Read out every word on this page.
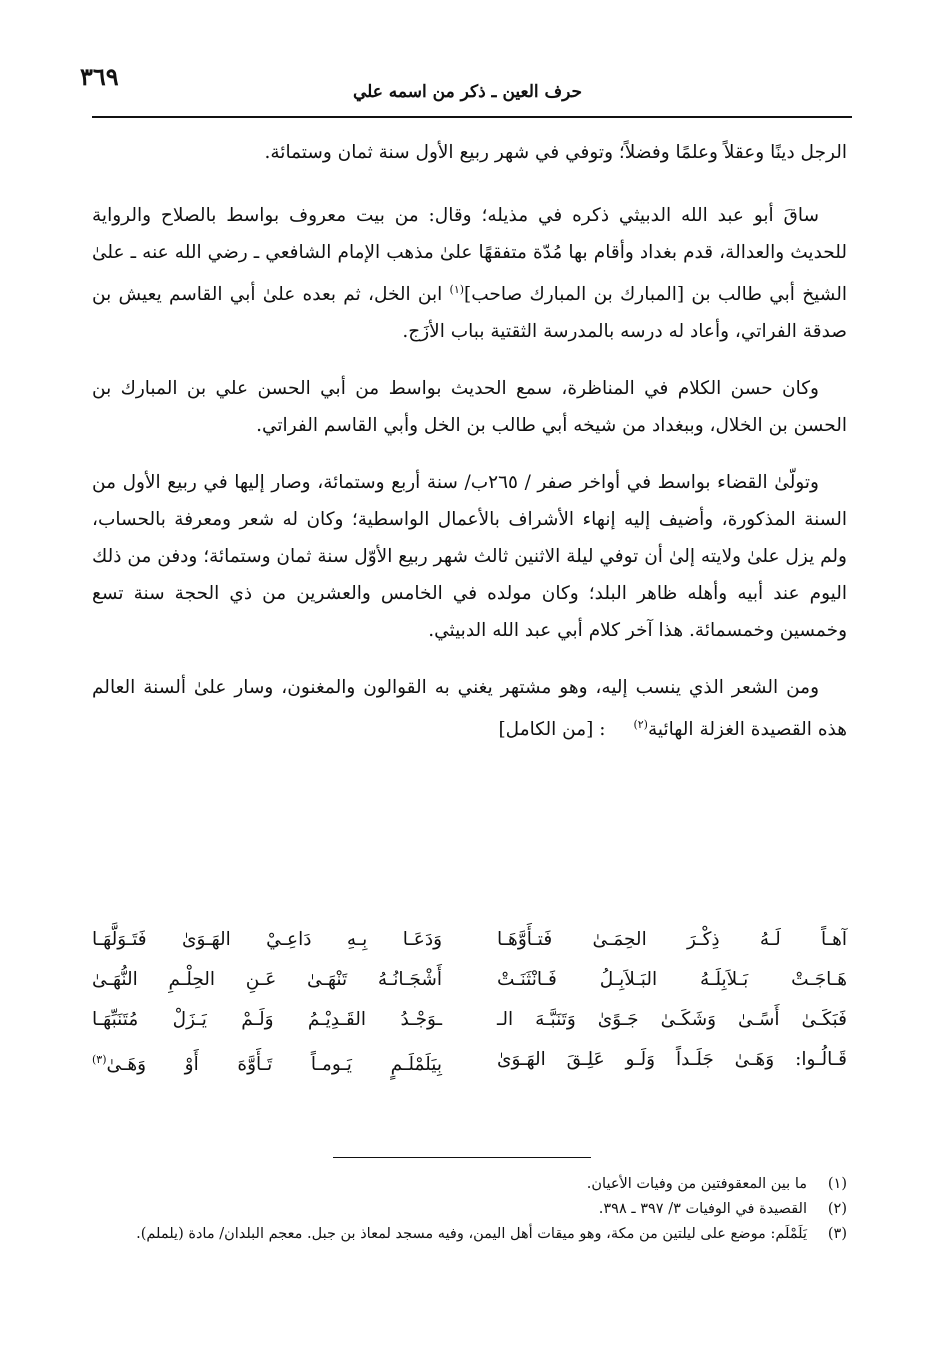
٣٦٩
حرف العين ـ ذكر من اسمه علي

الرجل دينًا وعقلاً وعلمًا وفضلاً؛ وتوفي في شهر ربيع الأول سنة ثمان وستمائة.

ساقَ أبو عبد الله الدبيثي ذكره في مذيله؛ وقال: من بيت معروف بواسط بالصلاح والرواية للحديث والعدالة، قدم بغداد وأقام بها مُدّة متفقهًا علىٰ مذهب الإمام الشافعي ـ رضي الله عنه ـ علىٰ الشيخ أبي طالب بن [المبارك بن المبارك صاحب]$^{(١)}$ ابن الخل، ثم بعده علىٰ أبي القاسم يعيش بن صدقة الفراتي، وأعاد له درسه بالمدرسة الثقتية بباب الأزَج.

وكان حسن الكلام في المناظرة، سمع الحديث بواسط من أبي الحسن علي بن المبارك بن الحسن بن الخلال، وببغداد من شيخه أبي طالب بن الخل وأبي القاسم الفراتي.

وتولّىٰ القضاء بواسط في أواخر صفر / ٢٦٥ب/ سنة أربع وستمائة، وصار إليها في ربيع الأول من السنة المذكورة، وأضيف إليه إنهاء الأشراف بالأعمال الواسطية؛ وكان له شعر ومعرفة بالحساب، ولم يزل علىٰ ولايته إلىٰ أن توفي ليلة الاثنين ثالث شهر ربيع الأوّل سنة ثمان وستمائة؛ ودفن من ذلك اليوم عند أبيه وأهله ظاهر البلد؛ وكان مولده في الخامس والعشرين من ذي الحجة سنة تسع وخمسين وخمسمائة. هذا آخر كلام أبي عبد الله الدبيثي.

ومن الشعر الذي ينسب إليه، وهو مشتهر يغني به القوالون والمغنون، وسار علىٰ ألسنة العالم هذه القصيدة الغزلة الهائية$^{(٢)}$: [من الكامل]

آهـاً لَـهُ ذِكْـرَ الحِمَـىٰ فَتـأَوَّهَـا
وَدَعَـا بِـهِ دَاعِـيْ الهَـوَىٰ فَتَـوَلَّهَـا
هَـاجَـتْ بَـلاَبِلَـهُ البَـلاَبِـلُ فَـانْثَنَـتْ
أَشْجَـانُـهُ تَنْهَـىٰ عَـنِ الحِلْـمِ النُّهَـىٰ
فَبَكَـىٰ أَسًـىٰ وَشَكَـىٰ جَـوًىٰ وَتَنَبَّـهَ الـ
ـوَجْـدُ القَـدِيْـمُ وَلَـمْ يَـزَلْ مُتَنَبِّهَـا
قَـالُـوا: وَهَـىٰ جَلَـداً وَلَـو عَلِـقَ الهَـوَىٰ
بِيَلَمْلَـمٍ يَـومـاً تَـأَوَّهَ أَوْ وَهَـىٰ$^{(٣)}$
(١)
ما بين المعقوفتين من وفيات الأعيان.
(٢)
القصيدة في الوفيات ٣/ ٣٩٧ ـ ٣٩٨.
(٣)
يَلَمْلَم: موضع على ليلتين من مكة، وهو ميقات أهل اليمن، وفيه مسجد لمعاذ بن جبل. معجم البلدان/ مادة (يلملم).
